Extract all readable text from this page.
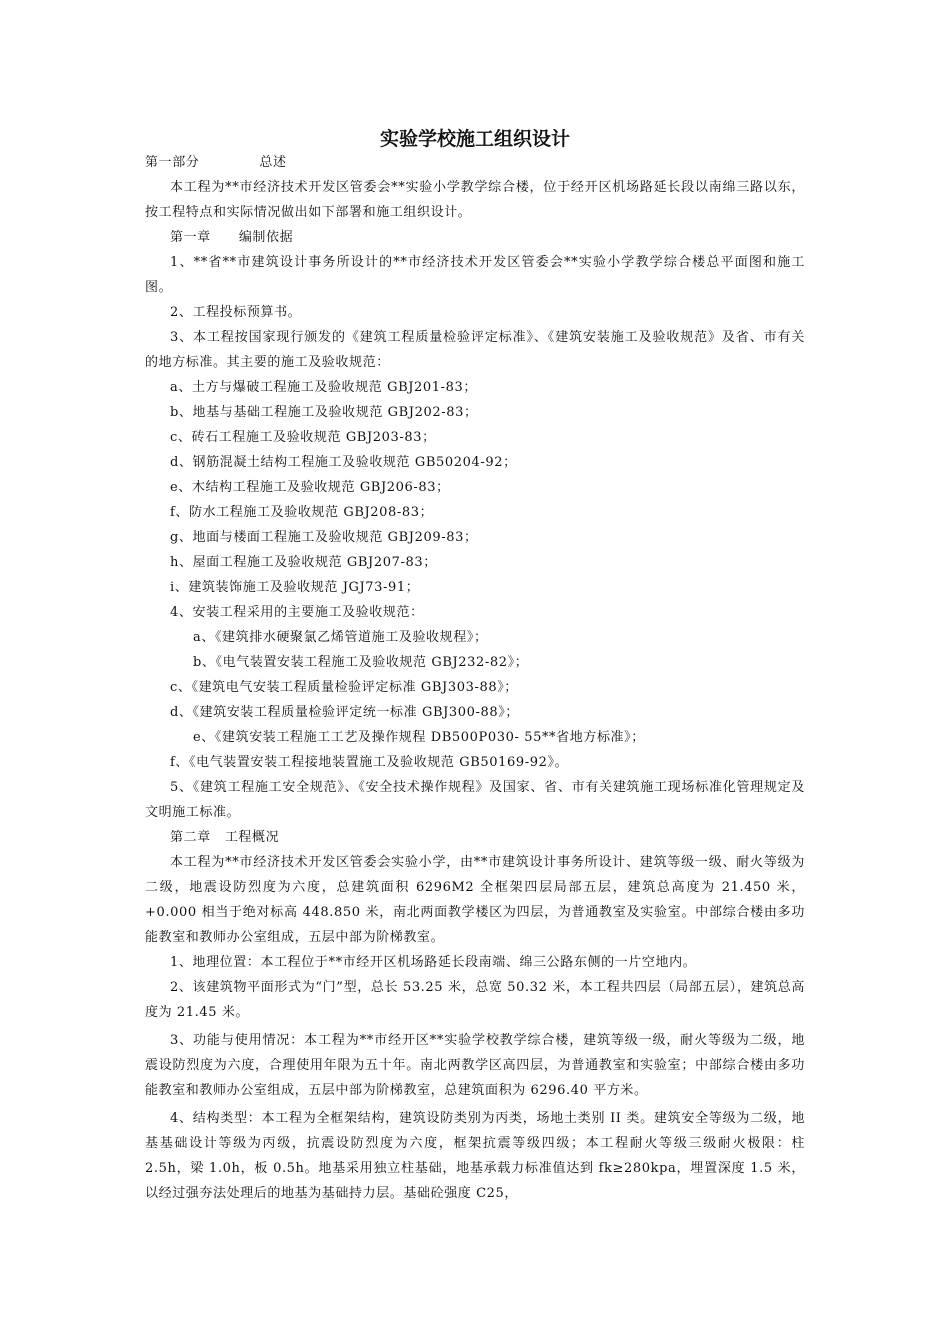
实验学校施工组织设计
第一部分	总述
本工程为**市经济技术开发区管委会**实验小学教学综合楼，位于经开区机场路延长段以南绵三路以东，按工程特点和实际情况做出如下部署和施工组织设计。
第一章 编制依据
1、**省**市建筑设计事务所设计的**市经济技术开发区管委会**实验小学教学综合楼总平面图和施工图。
2、工程投标预算书。
3、本工程按国家现行颁发的《建筑工程质量检验评定标准》、《建筑安装施工及验收规范》及省、市有关的地方标准。其主要的施工及验收规范：
a、土方与爆破工程施工及验收规范 GBJ201-83；
b、地基与基础工程施工及验收规范 GBJ202-83；
c、砖石工程施工及验收规范 GBJ203-83；
d、钢筋混凝土结构工程施工及验收规范 GB50204-92；
e、木结构工程施工及验收规范 GBJ206-83；
f、防水工程施工及验收规范 GBJ208-83；
g、地面与楼面工程施工及验收规范 GBJ209-83；
h、屋面工程施工及验收规范 GBJ207-83；
i、建筑装饰施工及验收规范 JGJ73-91；
4、安装工程采用的主要施工及验收规范：
a、《建筑排水硬聚氯乙烯管道施工及验收规程》；
b、《电气装置安装工程施工及验收规范 GBJ232-82》；
c、《建筑电气安装工程质量检验评定标准 GBJ303-88》；
d、《建筑安装工程质量检验评定统一标准 GBJ300-88》；
e、《建筑安装工程施工工艺及操作规程 DB500P030- 55**省地方标准》；
f、《电气装置安装工程接地装置施工及验收规范 GB50169-92》。
5、《建筑工程施工安全规范》、《安全技术操作规程》及国家、省、市有关建筑施工现场标准化管理规定及文明施工标准。
第二章 工程概况
本工程为**市经济技术开发区管委会实验小学，由**市建筑设计事务所设计、建筑等级一级、耐火等级为二级，地震设防烈度为六度，总建筑面积 6296M2 全框架四层局部五层，建筑总高度为 21.450 米，+0.000 相当于绝对标高 448.850 米，南北两面教学楼区为四层，为普通教室及实验室。中部综合楼由多功能教室和教师办公室组成，五层中部为阶梯教室。
1、地理位置：本工程位于**市经开区机场路延长段南端、绵三公路东侧的一片空地内。
2、该建筑物平面形式为“门”型，总长 53.25 米，总宽 50.32 米，本工程共四层（局部五层），建筑总高度为 21.45 米。
3、功能与使用情况：本工程为**市经开区**实验学校教学综合楼，建筑等级一级，耐火等级为二级，地震设防烈度为六度，合理使用年限为五十年。南北两教学区高四层，为普通教室和实验室；中部综合楼由多功能教室和教师办公室组成，五层中部为阶梯教室，总建筑面积为 6296.40 平方米。
4、结构类型：本工程为全框架结构，建筑设防类别为丙类，场地土类别 II 类。建筑安全等级为二级，地基基础设计等级为丙级，抗震设防烈度为六度，框架抗震等级四级；本工程耐火等级三级耐火极限：柱 2.5h，梁 1.0h，板 0.5h。地基采用独立柱基础，地基承载力标准值达到 fk≥280kpa，埋置深度 1.5 米，以经过强夯法处理后的地基为基础持力层。基础砼强度 C25，
